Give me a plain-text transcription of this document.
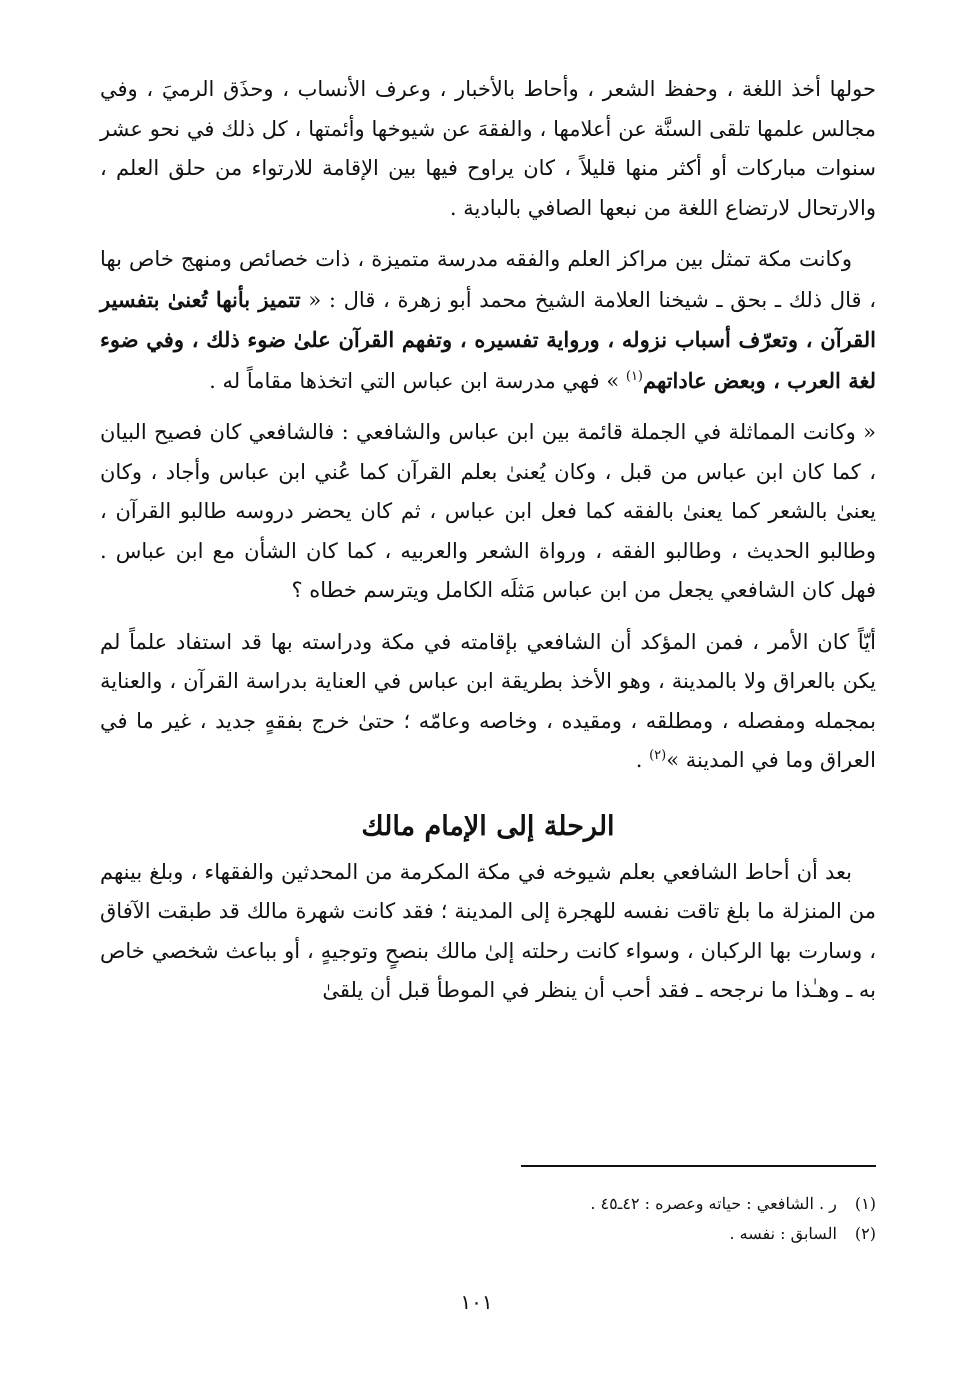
حولها أخذ اللغة ، وحفظ الشعر ، وأحاط بالأخبار ، وعرف الأنساب ، وحذَق الرميَ ، وفي مجالس علمها تلقى السنَّة عن أعلامها ، والفقهَ عن شيوخها وأئمتها ، كل ذلك في نحو عشر سنوات مباركات أو أكثر منها قليلاً ، كان يراوح فيها بين الإقامة للارتواء من حلق العلم ، والارتحال لارتضاع اللغة من نبعها الصافي بالبادية .

وكانت مكة تمثل بين مراكز العلم والفقه مدرسة متميزة ، ذات خصائص ومنهج خاص بها ، قال ذلك ـ بحق ـ شيخنا العلامة الشيخ محمد أبو زهرة ، قال : « تتميز بأنها تُعنىٰ بتفسير القرآن ، وتعرّف أسباب نزوله ، ورواية تفسيره ، وتفهم القرآن علىٰ ضوء ذلك ، وفي ضوء لغة العرب ، وبعض عاداتهم$^{(١)}$ » فهي مدرسة ابن عباس التي اتخذها مقاماً له .

« وكانت المماثلة في الجملة قائمة بين ابن عباس والشافعي : فالشافعي كان فصيح البيان ، كما كان ابن عباس من قبل ، وكان يُعنىٰ بعلم القرآن كما عُني ابن عباس وأجاد ، وكان يعنىٰ بالشعر كما يعنىٰ بالفقه كما فعل ابن عباس ، ثم كان يحضر دروسه طالبو القرآن ، وطالبو الحديث ، وطالبو الفقه ، ورواة الشعر والعربيه ، كما كان الشأن مع ابن عباس . فهل كان الشافعي يجعل من ابن عباس مَثلَه الكامل ويترسم خطاه ؟

أيّاً كان الأمر ، فمن المؤكد أن الشافعي بإقامته في مكة ودراسته بها قد استفاد علماً لم يكن بالعراق ولا بالمدينة ، وهو الأخذ بطريقة ابن عباس في العناية بدراسة القرآن ، والعناية بمجمله ومفصله ، ومطلقه ، ومقيده ، وخاصه وعامّه ؛ حتىٰ خرج بفقهٍ جديد ، غير ما في العراق وما في المدينة »$^{(٢)}$ .

الرحلة إلى الإمام مالك

بعد أن أحاط الشافعي بعلم شيوخه في مكة المكرمة من المحدثين والفقهاء ، وبلغ بينهم من المنزلة ما بلغ تاقت نفسه للهجرة إلى المدينة ؛ فقد كانت شهرة مالك قد طبقت الآفاق ، وسارت بها الركبان ، وسواء كانت رحلته إلىٰ مالك بنصحٍ وتوجيهٍ ، أو بباعث شخصي خاص به ـ وهـٰذا ما نرجحه ـ فقد أحب أن ينظر في الموطأ قبل أن يلقىٰ

(١) ر . الشافعي : حياته وعصره : ٤٢ـ٤٥ .
(٢) السابق : نفسه .
١٠١
